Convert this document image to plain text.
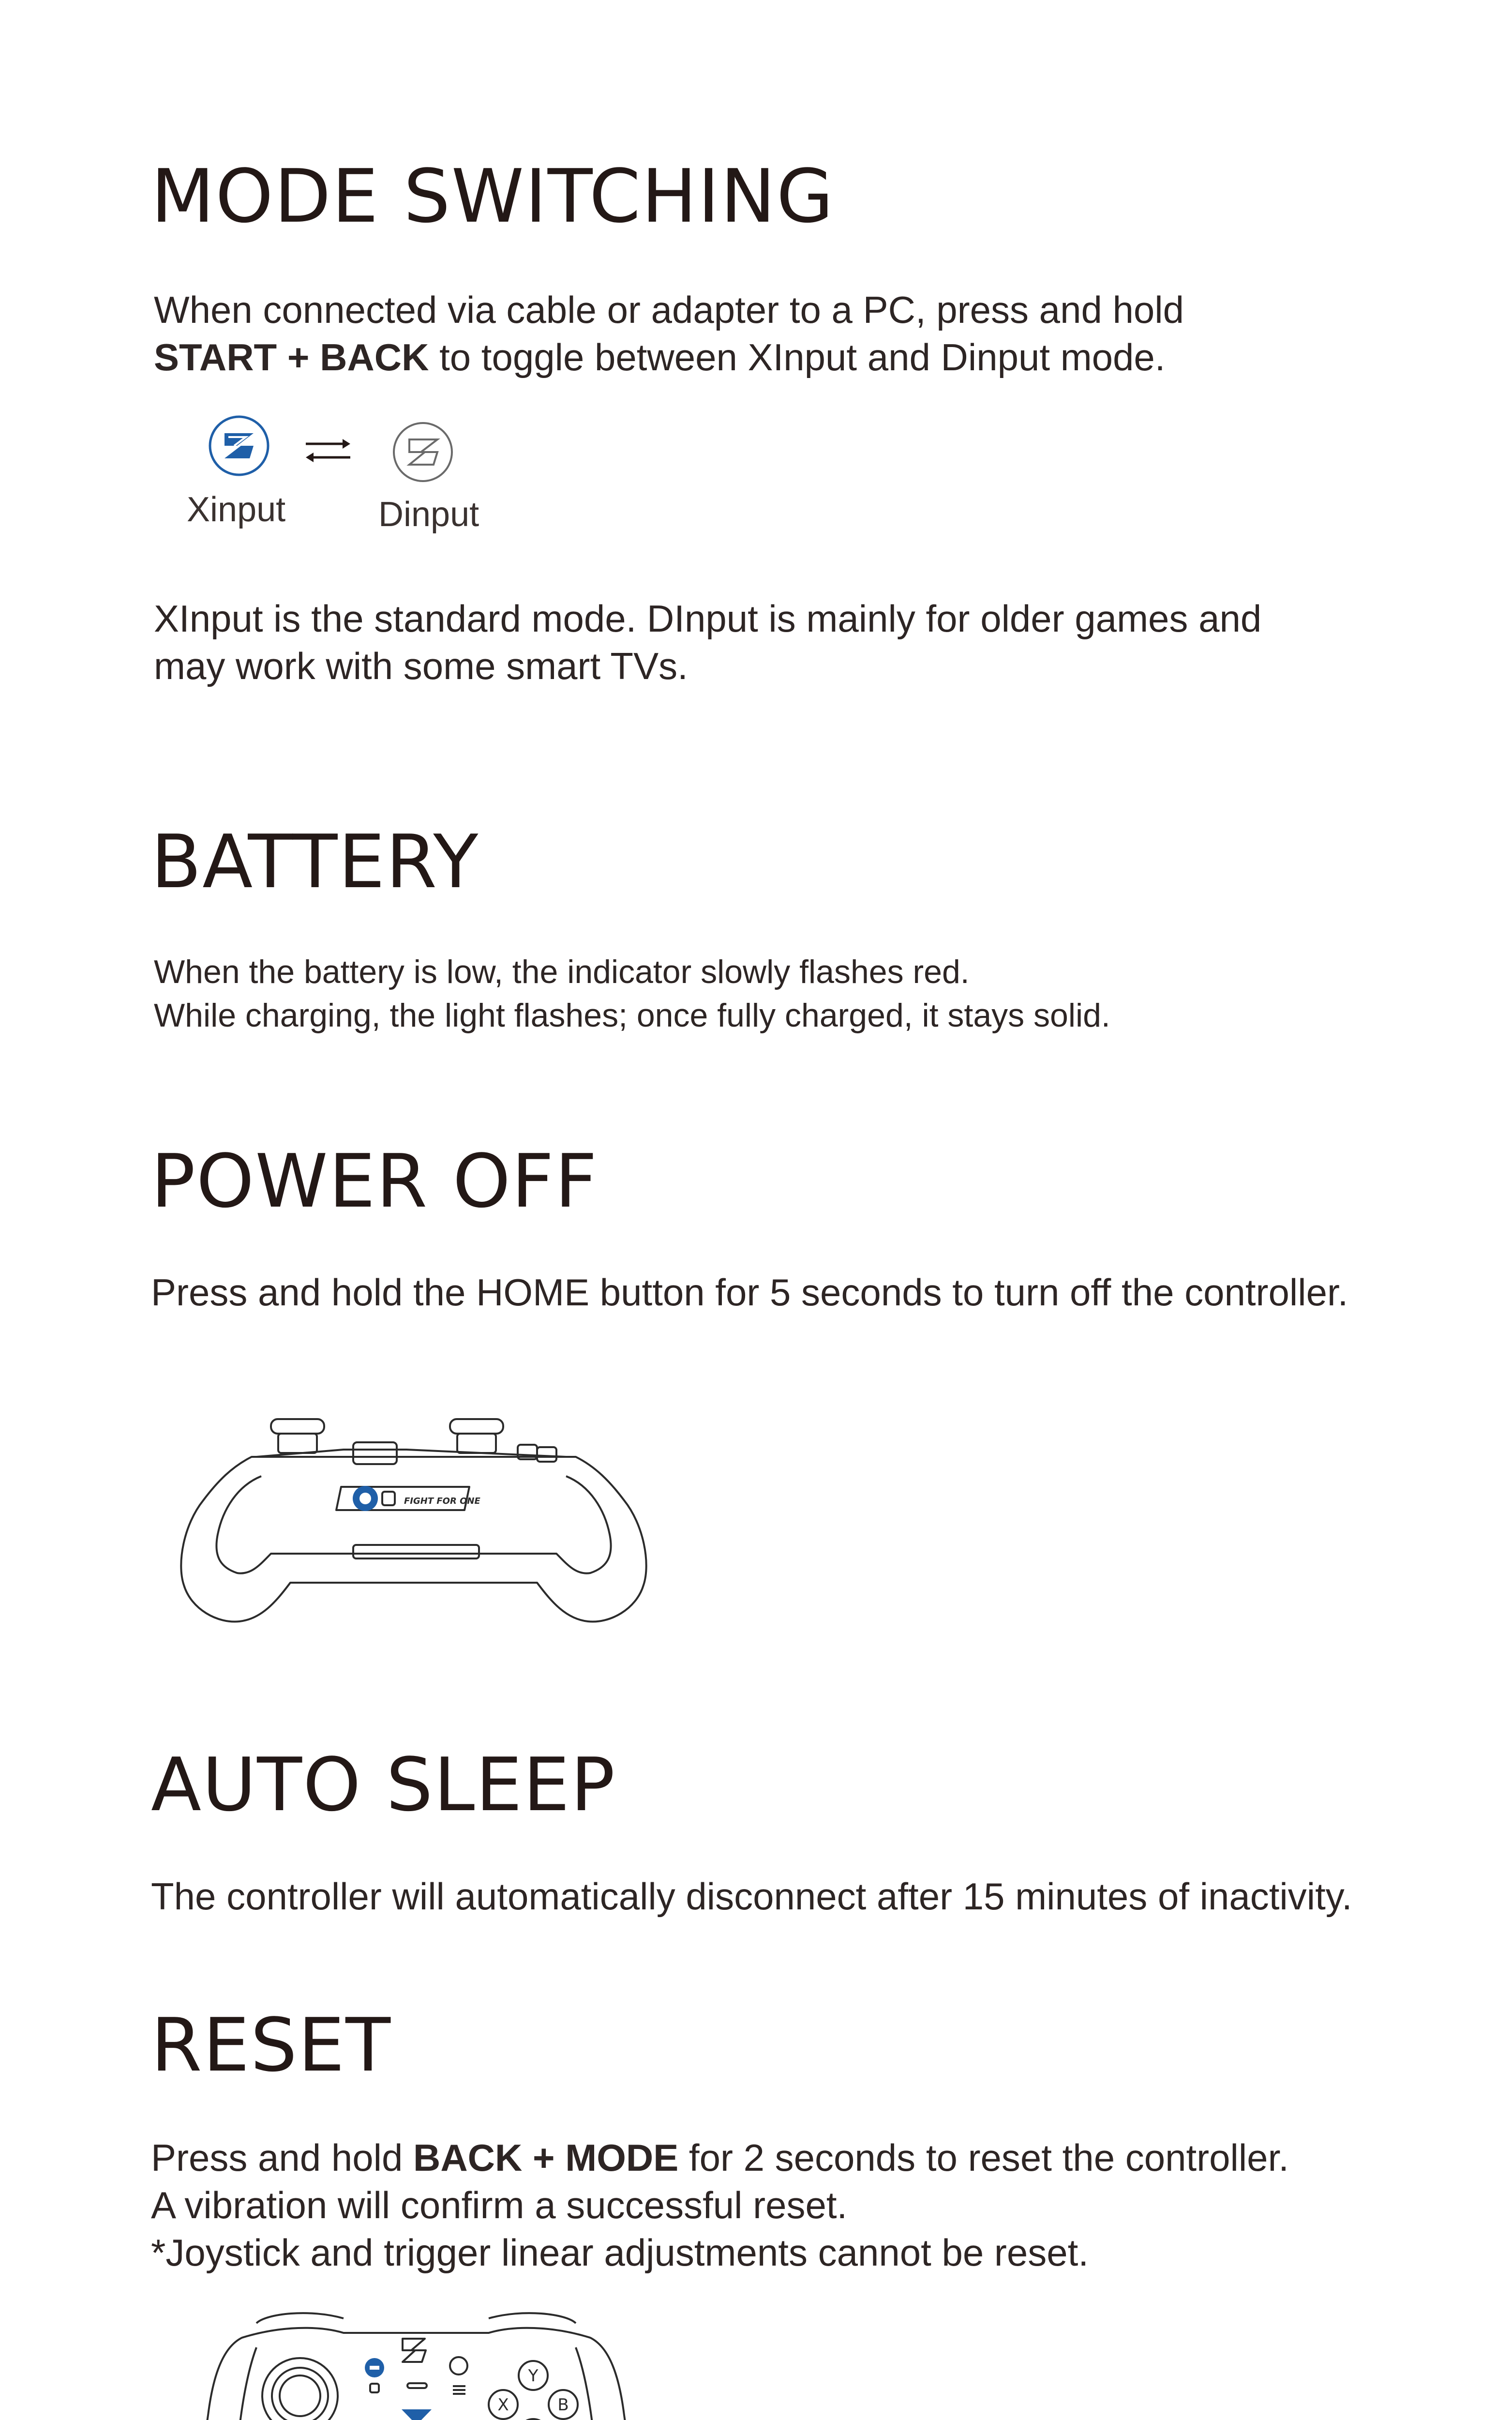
MODE SWITCHING

When connected via cable or adapter to a PC, press and hold

START + BACK to toggle between XInput and Dinput mode.

Xinput	Dinput

XInput is the standard mode. DInput is mainly for older games and

may work with some smart TVs.

BATTERY

When the battery is low, the indicator slowly flashes red.

While charging, the light flashes; once fully charged, it stays solid.

POWER OFF

Press and hold the HOME button for 5 seconds to turn off the controller.

FIGHT FOR ONE
AUTO SLEEP

The controller will automatically disconnect after 15 minutes of inactivity.

RESET

Press and hold BACK + MODE for 2 seconds to reset the controller.

A vibration will confirm a successful reset.

*Joystick and trigger linear adjustments cannot be reset.

Y
X	B
